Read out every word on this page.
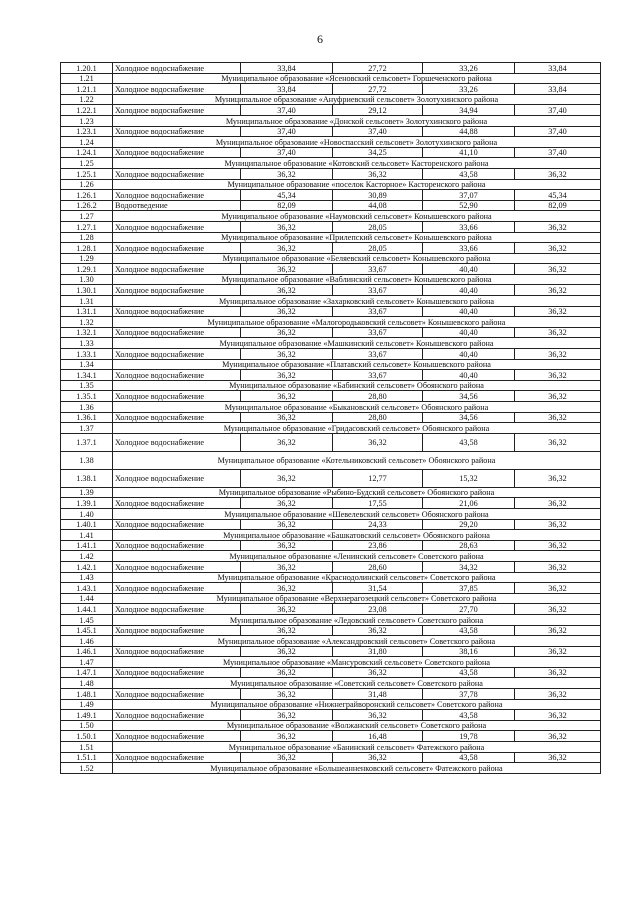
6
1.20.1	Холодное водоснабжение	33,84	27,72	33,26	33,84
1.21	Муниципальное образование «Ясеновский сельсовет» Горшеченского района				
1.21.1	Холодное водоснабжение	33,84	27,72	33,26	33,84
1.22	Муниципальное образование «Ануфриевский сельсовет» Золотухинского района				
1.22.1	Холодное водоснабжение	37,40	29,12	34,94	37,40
1.23	Муниципальное образование «Донской сельсовет» Золотухинского района				
1.23.1	Холодное водоснабжение	37,40	37,40	44,88	37,40
1.24	Муниципальное образование «Новоспасский сельсовет» Золотухинского района				
1.24.1	Холодное водоснабжение	37,40	34,25	41,10	37,40
1.25	Муниципальное образование «Котовский сельсовет» Касторенского района				
1.25.1	Холодное водоснабжение	36,32	36,32	43,58	36,32
1.26	Муниципальное образование «поселок Касторное» Касторенского района				
1.26.1	Холодное водоснабжение	45,34	30,89	37,07	45,34
1.26.2	Водоотведение	82,09	44,08	52,90	82,09
1.27	Муниципальное образование «Наумовский сельсовет» Конышевского района				
1.27.1	Холодное водоснабжение	36,32	28,05	33,66	36,32
1.28	Муниципальное образование «Прилепский сельсовет» Конышевского района				
1.28.1	Холодное водоснабжение	36,32	28,05	33,66	36,32
1.29	Муниципальное образование «Беляевский сельсовет» Конышевского района				
1.29.1	Холодное водоснабжение	36,32	33,67	40,40	36,32
1.30	Муниципальное образование «Ваблинский сельсовет» Конышевского района				
1.30.1	Холодное водоснабжение	36,32	33,67	40,40	36,32
1.31	Муниципальное образование «Захарковский сельсовет» Конышевского района				
1.31.1	Холодное водоснабжение	36,32	33,67	40,40	36,32
1.32	Муниципальное образование «Малогородьковский сельсовет» Конышевского района				
1.32.1	Холодное водоснабжение	36,32	33,67	40,40	36,32
1.33	Муниципальное образование «Машкинский сельсовет» Конышевского района				
1.33.1	Холодное водоснабжение	36,32	33,67	40,40	36,32
1.34	Муниципальное образование «Платавский сельсовет» Конышевского района				
1.34.1	Холодное водоснабжение	36,32	33,67	40,40	36,32
1.35	Муниципальное образование «Бабинский сельсовет» Обоянского района				
1.35.1	Холодное водоснабжение	36,32	28,80	34,56	36,32
1.36	Муниципальное образование «Быкановский сельсовет» Обоянского района				
1.36.1	Холодное водоснабжение	36,32	28,80	34,56	36,32
1.37	Муниципальное образование «Гридасовский сельсовет» Обоянского района				
1.37.1	Холодное водоснабжение	36,32	36,32	43,58	36,32
1.38	Муниципальное образование «Котельниковский сельсовет» Обоянского района				
1.38.1	Холодное водоснабжение	36,32	12,77	15,32	36,32
1.39	Муниципальное образование «Рыбино-Будский сельсовет» Обоянского района				
1.39.1	Холодное водоснабжение	36,32	17,55	21,06	36,32
1.40	Муниципальное образование «Шевелевский сельсовет» Обоянского района				
1.40.1	Холодное водоснабжение	36,32	24,33	29,20	36,32
1.41	Муниципальное образование «Башкатовский сельсовет» Обоянского района				
1.41.1	Холодное водоснабжение	36,32	23,86	28,63	36,32
1.42	Муниципальное образование «Ленинский сельсовет» Советского района				
1.42.1	Холодное водоснабжение	36,32	28,60	34,32	36,32
1.43	Муниципальное образование «Краснодолинский сельсовет» Советского района				
1.43.1	Холодное водоснабжение	36,32	31,54	37,85	36,32
1.44	Муниципальное образование «Верхнерагозецкий сельсовет» Советского района				
1.44.1	Холодное водоснабжение	36,32	23,08	27,70	36,32
1.45	Муниципальное образование «Ледовский сельсовет» Советского района				
1.45.1	Холодное водоснабжение	36,32	36,32	43,58	36,32
1.46	Муниципальное образование «Александровский сельсовет» Советского района				
1.46.1	Холодное водоснабжение	36,32	31,80	38,16	36,32
1.47	Муниципальное образование «Мансуровский сельсовет» Советского района				
1.47.1	Холодное водоснабжение	36,32	36,32	43,58	36,32
1.48	Муниципальное образование «Советский сельсовет» Советского района				
1.48.1	Холодное водоснабжение	36,32	31,48	37,78	36,32
1.49	Муниципальное образование «Нижнеграйворонский сельсовет» Советского района				
1.49.1	Холодное водоснабжение	36,32	36,32	43,58	36,32
1.50	Муниципальное образование «Волжанский сельсовет» Советского района				
1.50.1	Холодное водоснабжение	36,32	16,48	19,78	36,32
1.51	Муниципальное образование «Банинский сельсовет» Фатежского района				
1.51.1	Холодное водоснабжение	36,32	36,32	43,58	36,32
1.52	Муниципальное образование «Большеанненковский сельсовет» Фатежского района				
